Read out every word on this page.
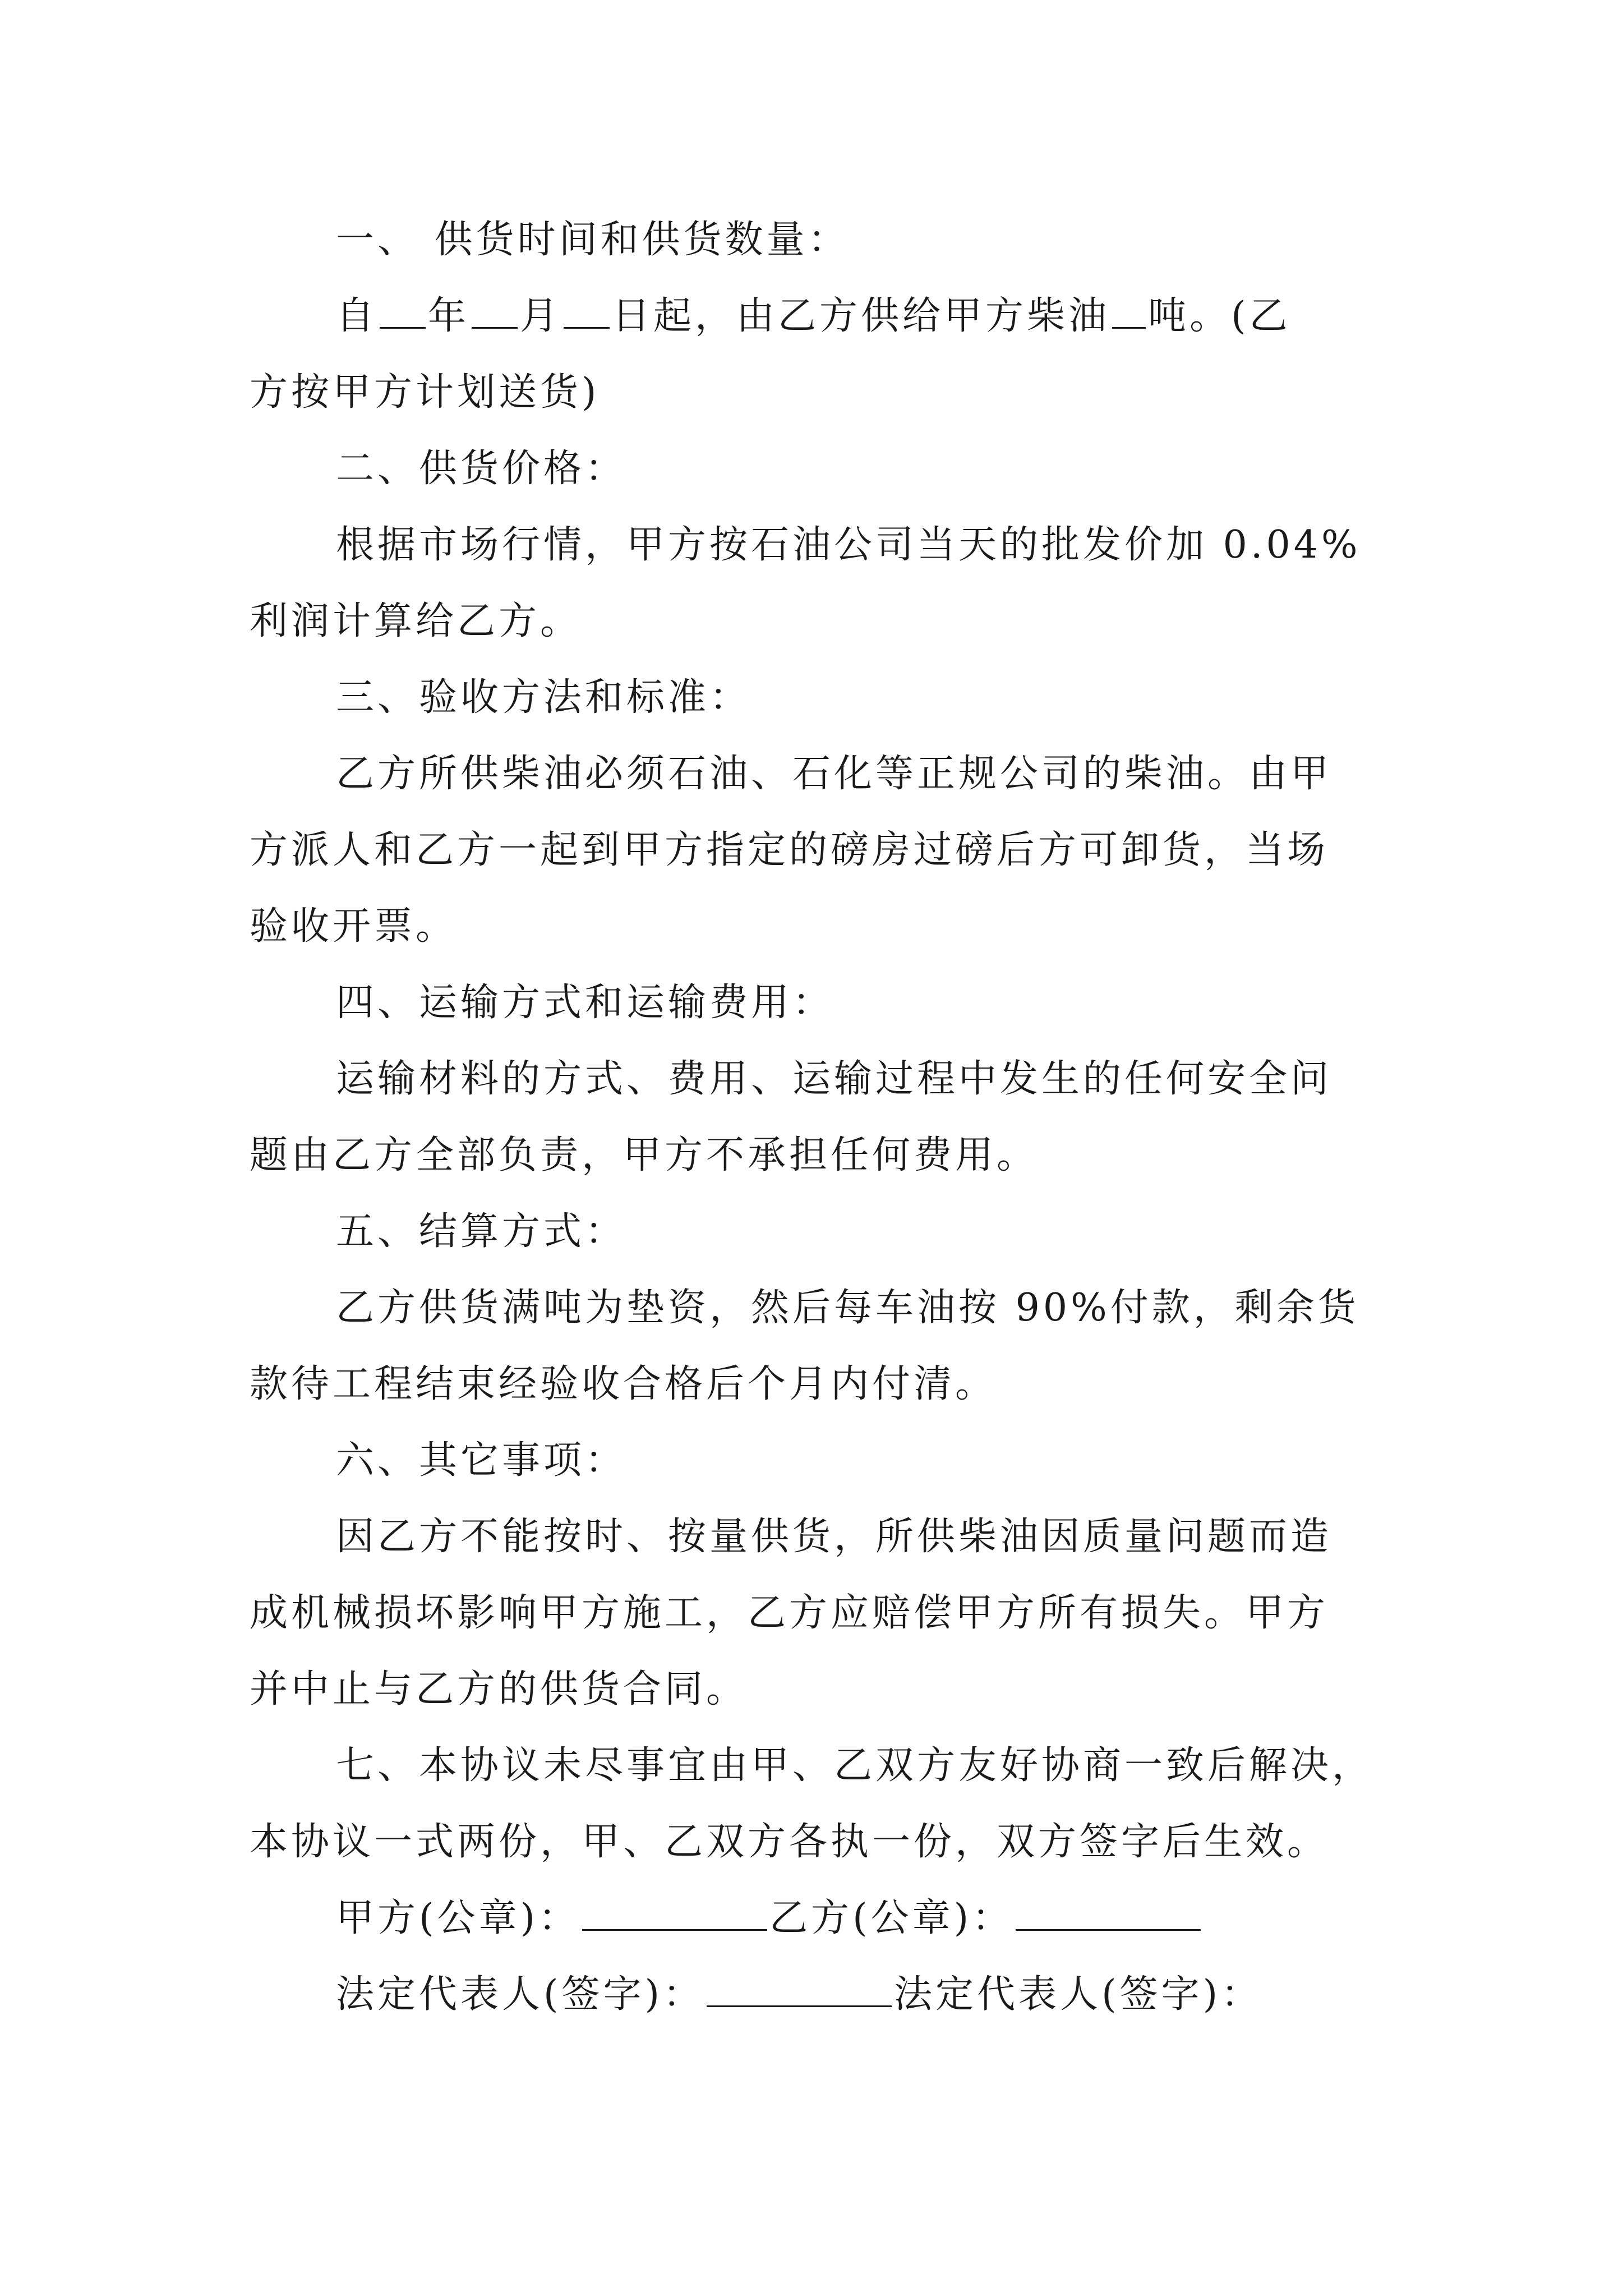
一、 供货时间和供货数量：
自 年 月 日起，由乙方供给甲方柴油 吨。(乙
方按甲方计划送货)
二、供货价格：
根据市场行情，甲方按石油公司当天的批发价加 0.04%
利润计算给乙方。
三、验收方法和标准：
乙方所供柴油必须石油、石化等正规公司的柴油。由甲
方派人和乙方一起到甲方指定的磅房过磅后方可卸货，当场
验收开票。
四、运输方式和运输费用：
运输材料的方式、费用、运输过程中发生的任何安全问
题由乙方全部负责，甲方不承担任何费用。
五、结算方式：
乙方供货满吨为垫资，然后每车油按 90%付款，剩余货
款待工程结束经验收合格后个月内付清。
六、其它事项：
因乙方不能按时、按量供货，所供柴油因质量问题而造
成机械损坏影响甲方施工，乙方应赔偿甲方所有损失。甲方
并中止与乙方的供货合同。
七、本协议未尽事宜由甲、乙双方友好协商一致后解决，
本协议一式两份，甲、乙双方各执一份，双方签字后生效。
甲方(公章)：	乙方(公章)：
法定代表人(签字)：	法定代表人(签字)：
